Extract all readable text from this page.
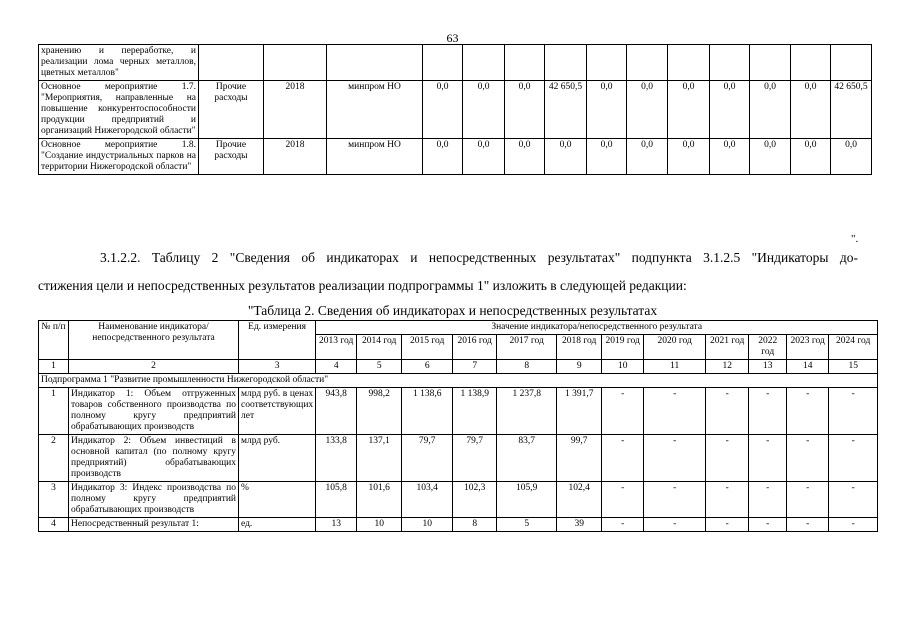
63
хранению и переработке, и реализации лома черных металлов, цветных металлов"														
Основное мероприятие 1.7. "Мероприятия, направленные на повышение конкурентоспособности продукции предприятий и организаций Нижегородской области"	Прочие расходы	2018	минпром НО	0,0	0,0	0,0	42 650,5	0,0	0,0	0,0	0,0	0,0	0,0	42 650,5
Основное мероприятие 1.8. "Создание индустриальных парков на территории Нижегородской области"	Прочие расходы	2018	минпром НО	0,0	0,0	0,0	0,0	0,0	0,0	0,0	0,0	0,0	0,0	0,0
".
3.1.2.2. Таблицу 2 "Сведения об индикаторах и непосредственных результатах" подпункта 3.1.2.5 "Индикаторы до-
стижения цели и непосредственных результатов реализации подпрограммы 1" изложить в следующей редакции:
"Таблица 2. Сведения об индикаторах и непосредственных результатах
№ п/п	Наименование индикатора/ непосредственного результата	Ед. измерения	Значение индикатора/непосредственного результата											
			2013 год	2014 год	2015 год	2016 год	2017 год	2018 год	2019 год	2020 год	2021 год	2022 год	2023 год	2024 год
1	2	3	4	5	6	7	8	9	10	11	12	13	14	15
Подпрограмма 1 "Развитие промышленности Нижегородской области"														
1	Индикатор 1: Объем отгруженных товаров собственного производства по полному кругу предприятий обрабатывающих производств	млрд руб. в ценах соответствующих лет	943,8	998,2	1 138,6	1 138,9	1 237,8	1 391,7	-	-	-	-	-	-
2	Индикатор 2: Объем инвестиций в основной капитал (по полному кругу предприятий) обрабатывающих производств	млрд руб.	133,8	137,1	79,7	79,7	83,7	99,7	-	-	-	-	-	-
3	Индикатор 3: Индекс производства по полному кругу предприятий обрабатывающих производств	%	105,8	101,6	103,4	102,3	105,9	102,4	-	-	-	-	-	-
4	Непосредственный результат 1:	ед.	13	10	10	8	5	39	-	-	-	-	-	-
